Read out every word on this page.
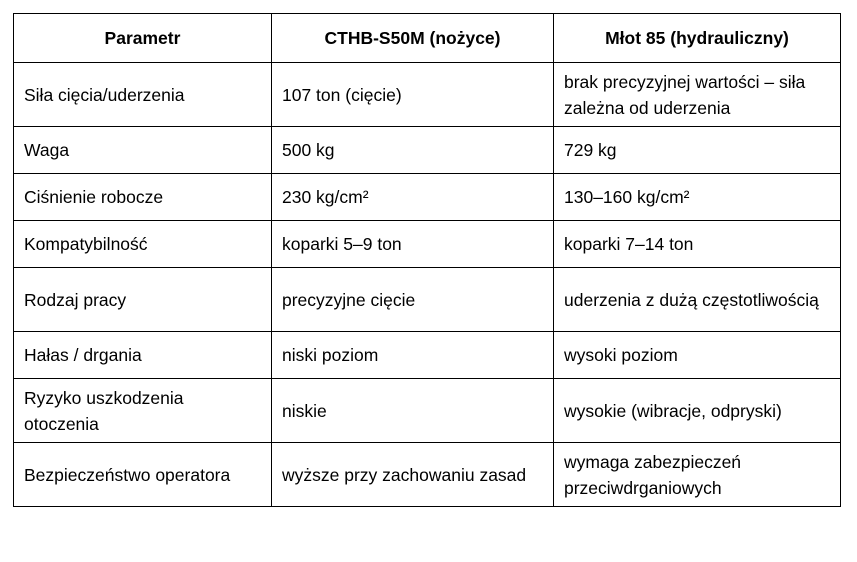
Parametr	CTHB-S50M (nożyce)	Młot 85 (hydrauliczny)
Siła cięcia/uderzenia	107 ton (cięcie)	brak precyzyjnej wartości – siła zależna od uderzenia
Waga	500 kg	729 kg
Ciśnienie robocze	230 kg/cm²	130–160 kg/cm²
Kompatybilność	koparki 5–9 ton	koparki 7–14 ton
Rodzaj pracy	precyzyjne cięcie	uderzenia z dużą częstotliwością
Hałas / drgania	niski poziom	wysoki poziom
Ryzyko uszkodzenia otoczenia	niskie	wysokie (wibracje, odpryski)
Bezpieczeństwo operatora	wyższe przy zachowaniu zasad	wymaga zabezpieczeń przeciwdrganiowych
